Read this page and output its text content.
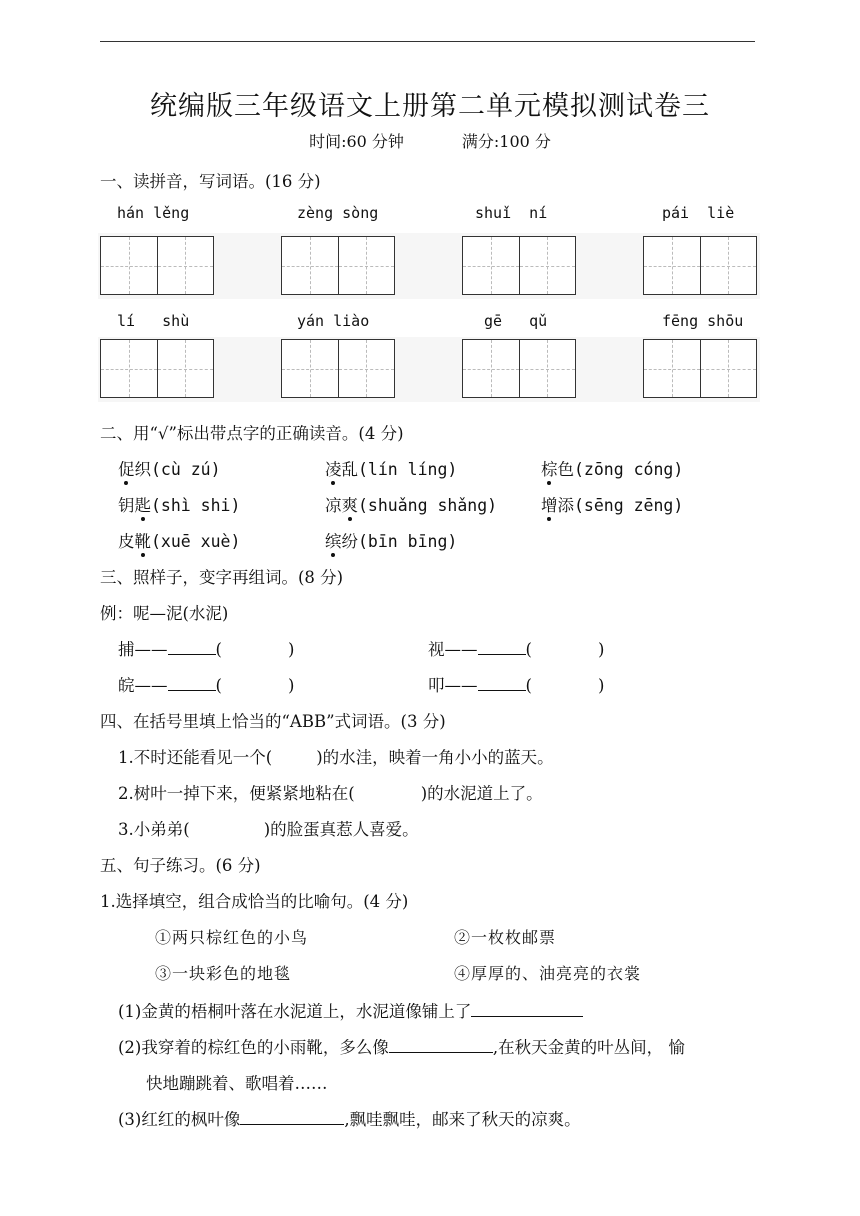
统编版三年级语文上册第二单元模拟测试卷三
时间:60 分钟	满分:100 分
一、读拼音，写词语。(16 分)
hán lěng	zèng sòng	shuǐ  ní	pái  liè
lí   shù	yán liào	gē   qǔ	fēng shōu
二、用“√”标出带点字的正确读音。(4 分)
促织(cù zú)	凌乱(lín líng)	棕色(zōng cóng)
钥匙(shì shi)	凉爽(shuǎng shǎng)	增添(sēng zēng)
皮靴(xuē xuè)	缤纷(bīn bīng)
三、照样子，变字再组词。(8 分)
例：呢—泥(水泥)
捕——	(	)	视——	(	)
皖——	(	)	叩——	(	)
四、在括号里填上恰当的“ABB”式词语。(3 分)
1.不时还能看见一个(	)的水洼，映着一角小小的蓝天。
2.树叶一掉下来，便紧紧地粘在(	)的水泥道上了。
3.小弟弟(	)的脸蛋真惹人喜爱。
五、句子练习。(6 分)
1.选择填空，组合成恰当的比喻句。(4 分)
①两只棕红色的小鸟	②一枚枚邮票
③一块彩色的地毯	④厚厚的、油亮亮的衣裳
(1)金黄的梧桐叶落在水泥道上，水泥道像铺上了
(2)我穿着的棕红色的小雨靴，多么像	,在秋天金黄的叶丛间， 愉
快地蹦跳着、歌唱着……
(3)红红的枫叶像	,飘哇飘哇，邮来了秋天的凉爽。
